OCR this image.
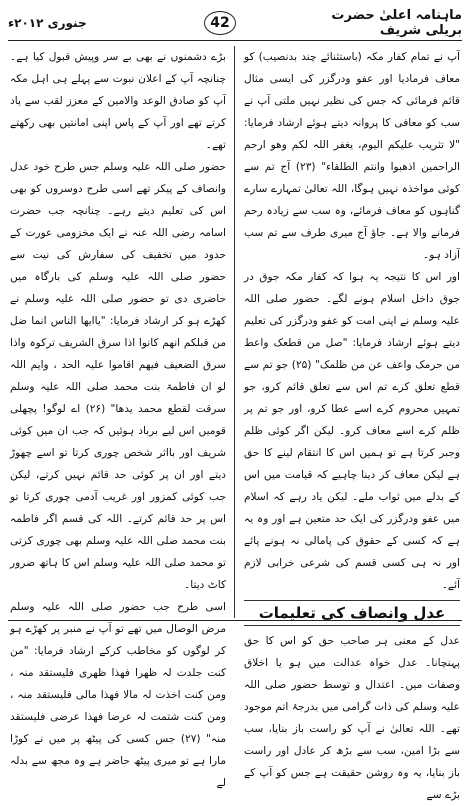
ماہنامہ اعلیٰ حضرت بریلی شریف
42
جنوری ۲۰۱۲ء

آپ نے تمام کفار مکہ (باستثنائے چند بدنصیب) کو معاف فرمادیا اور عفو ودرگزر کی ایسی مثال قائم فرمائی کہ جس کی نظیر نہیں ملتی آپ نے سب کو معافی کا پروانہ دیتے ہوئے ارشاد فرمایا: "لا تثریب علیکم الیوم، یغفر اللہ لکم وھو ارحم الراحمین اذھبوا وانتم الطلقاء" (۲۳) آج تم سے کوئی مواخذہ نہیں ہوگا، اللہ تعالیٰ تمہارے سارے گناہوں کو معاف فرمائے، وہ سب سے زیادہ رحم فرمانے والا ہے۔ جاؤ آج میری طرف سے تم سب آزاد ہو۔

اور اس کا نتیجہ یہ ہوا کہ کفار مکہ جوق در جوق داخل اسلام ہونے لگے۔ حضور صلی اللہ علیہ وسلم نے اپنی امت کو عفو ودرگزر کی تعلیم دیتے ہوئے ارشاد فرمایا: "صل من قطعک واعط من حرمک واعف عن من ظلمک" (۲۵) جو تم سے قطع تعلق کرے تم اس سے تعلق قائم کرو، جو تمہیں محروم کرے اسے عطا کرو، اور جو تم پر ظلم کرے اسے معاف کرو۔ لیکن اگر کوئی ظلم وجبر کرتا ہے تو ہمیں اس کا انتقام لینے کا حق ہے لیکن معاف کر دینا چاہیے کہ قیامت میں اس کے بدلے میں ثواب ملے۔ لیکن یاد رہے کہ اسلام میں عفو ودرگزر کی ایک حد متعین ہے اور وہ یہ ہے کہ کسی کے حقوق کی پامالی نہ ہونے پائے اور نہ ہی کسی قسم کی شرعی خرابی لازم آئے۔

عدل وانصاف کی تعلیمات

عدل کے معنی ہر صاحب حق کو اس کا حق پہنچانا۔ عدل خواہ عدالت میں ہو یا اخلاق وصفات میں۔ اعتدال و توسط حضور صلی اللہ علیہ وسلم کی ذات گرامی میں بدرجۂ اتم موجود تھے۔ اللہ تعالیٰ نے آپ کو راست باز بنایا، سب سے بڑا امین، سب سے بڑھ کر عادل اور راست باز بنایا، یہ وہ روشن حقیقت ہے جس کو آپ کے بڑے سے

بڑے دشمنوں نے بھی بے سر وپیش قبول کیا ہے۔ چنانچہ آپ کے اعلان نبوت سے پہلے ہی اہل مکہ آپ کو صادق الوعد والامین کے معزز لقب سے یاد کرتے تھے اور آپ کے پاس اپنی امانتیں بھی رکھتے تھے۔

حضور صلی اللہ علیہ وسلم جس طرح خود عدل وانصاف کے پیکر تھے اسی طرح دوسروں کو بھی اس کی تعلیم دیتے رہے۔ چنانچہ جب حضرت اسامہ رضی اللہ عنہ نے ایک مخزومی عورت کے حدود میں تخفیف کی سفارش کی نیت سے حضور صلی اللہ علیہ وسلم کی بارگاہ میں حاضری دی تو حضور صلی اللہ علیہ وسلم نے کھڑے ہو کر ارشاد فرمایا: "یاایھا الناس انما ضل من قبلکم انھم کانوا اذا سرق الشریف ترکوہ واذا سرق الضعیف فیھم اقاموا علیہ الحد ، وایم اللہ لو ان فاطمۃ بنت محمد صلی اللہ علیہ وسلم سرقت لقطع محمد یدھا" (۲۶) اے لوگو! پچھلی قومیں اس لیے برباد ہوئیں کہ جب ان میں کوئی شریف اور بااثر شخص چوری کرتا تو اسے چھوڑ دیتے اور ان پر کوئی حد قائم نہیں کرتے، لیکن جب کوئی کمزور اور غریب آدمی چوری کرتا تو اس پر حد قائم کرتے۔ اللہ کی قسم اگر فاطمہ بنت محمد صلی اللہ علیہ وسلم بھی چوری کرتی تو محمد صلی اللہ علیہ وسلم اس کا ہاتھ ضرور کاٹ دیتا۔

اسی طرح جب حضور صلی اللہ علیہ وسلم مرض الوصال میں تھے تو آپ نے منبر پر کھڑے ہو کر لوگوں کو مخاطب کرکے ارشاد فرمایا: "من کنت جلدت لہ ظھرا فھذا ظھری فلیستقد منہ ، ومن کنت اخذت لہ مالا فھذا مالی فلیستقد منہ ، ومن کنت شتمت لہ عرضا فھذا عرضی فلیستقد منہ" (۲۷) جس کسی کی پیٹھ پر میں نے کوڑا مارا ہے تو میری پیٹھ حاضر ہے وہ مجھ سے بدلہ لے
